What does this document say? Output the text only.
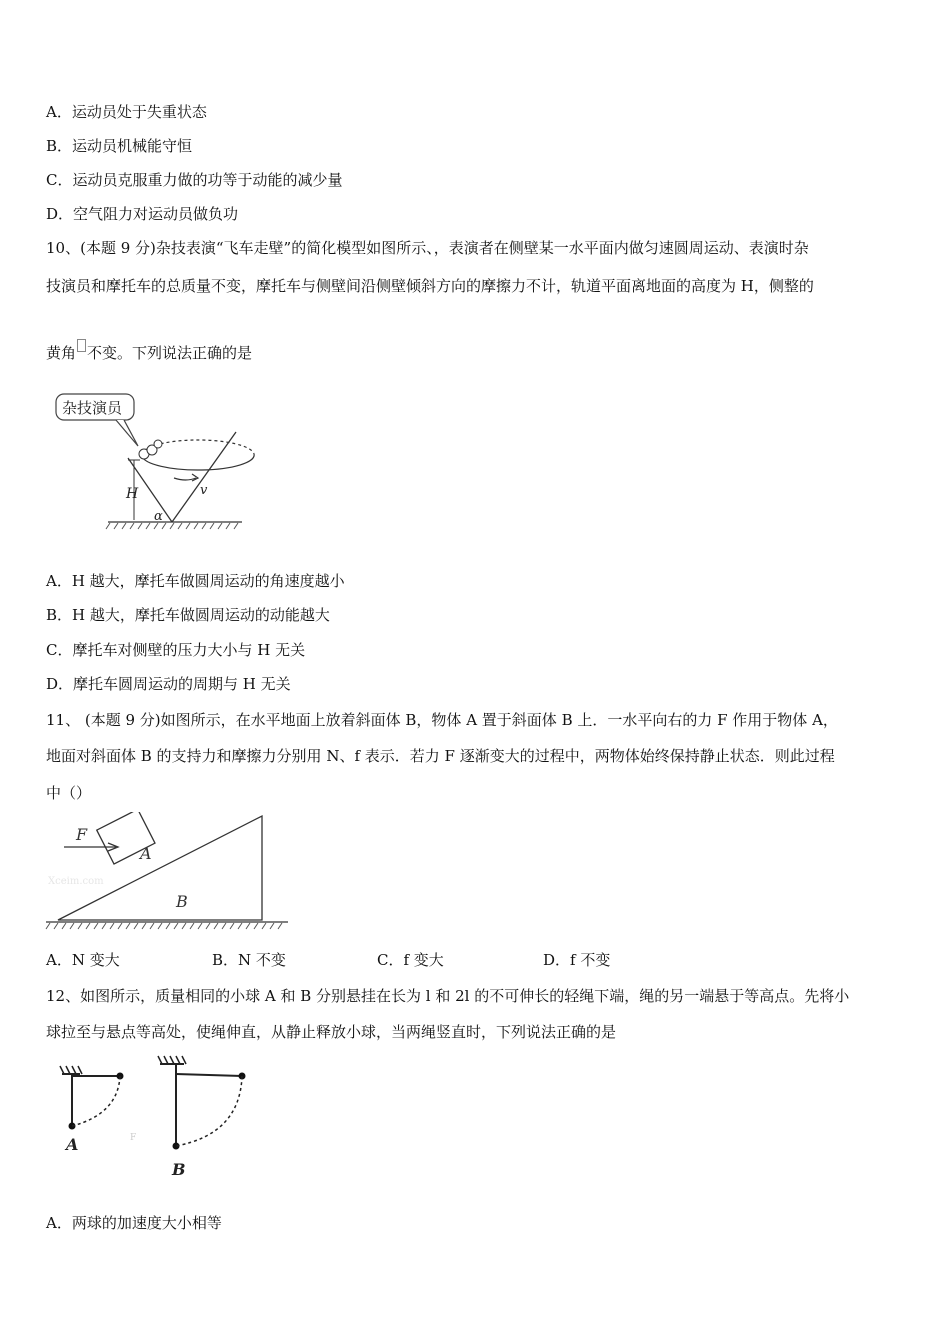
A．运动员处于失重状态
B．运动员机械能守恒
C．运动员克服重力做的功等于动能的减少量
D．空气阻力对运动员做负功
10、(本题 9 分)杂技表演“飞车走壁”的简化模型如图所示、，表演者在侧壁某一水平面内做匀速圆周运动、表演时杂
技演员和摩托车的总质量不变，摩托车与侧壁间沿侧壁倾斜方向的摩擦力不计，轨道平面离地面的高度为 H，侧整的
黄角 不变。下列说法正确的是
杂技演员
v
H
α
A．H 越大，摩托车做圆周运动的角速度越小
B．H 越大，摩托车做圆周运动的动能越大
C．摩托车对侧壁的压力大小与 H 无关
D．摩托车圆周运动的周期与 H 无关
11、 (本题 9 分)如图所示，在水平地面上放着斜面体 B，物体 A 置于斜面体 B 上．一水平向右的力 F 作用于物体 A，
地面对斜面体 B 的支持力和摩擦力分别用 N、f 表示．若力 F 逐渐变大的过程中，两物体始终保持静止状态．则此过程
中（）
A
B
F
Xceim.com
A．N 变大	B．N 不变	C．f 变大	D．f 不变
12、如图所示，质量相同的小球 A 和 B 分别悬挂在长为 l 和 2l 的不可伸长的轻绳下端，绳的另一端悬于等高点。先将小
球拉至与悬点等高处，使绳伸直，从静止释放小球，当两绳竖直时，下列说法正确的是
A	F
B
A．两球的加速度大小相等
